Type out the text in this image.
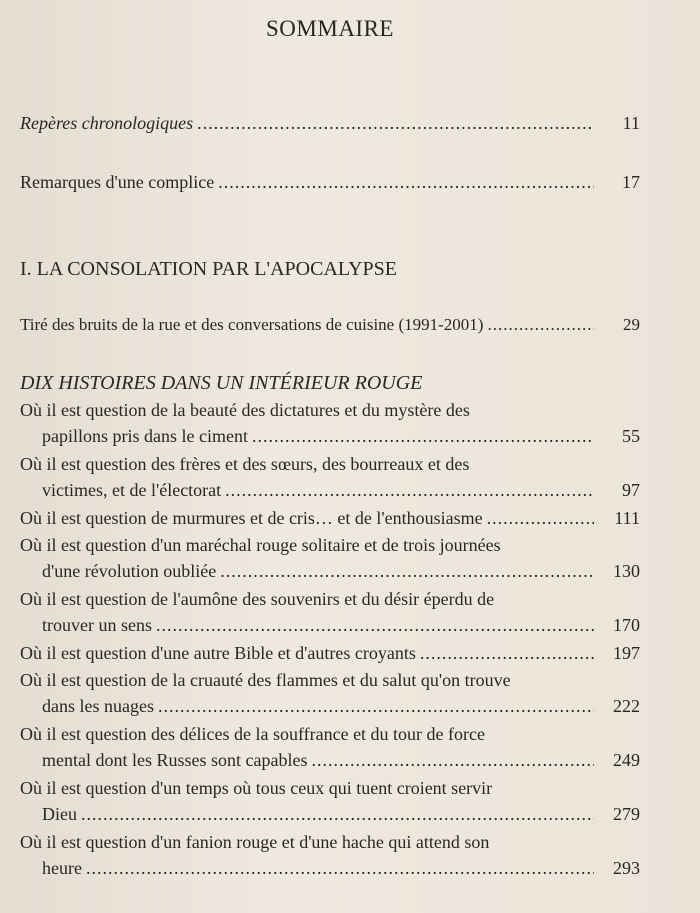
SOMMAIRE
Repères chronologiques .....	11
Remarques d'une complice .....	17
I. LA CONSOLATION PAR L'APOCALYPSE
Tiré des bruits de la rue et des conversations de cuisine (1991-2001) .....	29
DIX HISTOIRES DANS UN INTÉRIEUR ROUGE
Où il est question de la beauté des dictatures et du mystère des
papillons pris dans le ciment .....	55
Où il est question des frères et des sœurs, des bourreaux et des
victimes, et de l'électorat .....	97
Où il est question de murmures et de cris… et de l'enthousiasme .....	111
Où il est question d'un maréchal rouge solitaire et de trois journées
d'une révolution oubliée .....	130
Où il est question de l'aumône des souvenirs et du désir éperdu de
trouver un sens .....	170
Où il est question d'une autre Bible et d'autres croyants .....	197
Où il est question de la cruauté des flammes et du salut qu'on trouve
dans les nuages .....	222
Où il est question des délices de la souffrance et du tour de force
mental dont les Russes sont capables .....	249
Où il est question d'un temps où tous ceux qui tuent croient servir
Dieu .....	279
Où il est question d'un fanion rouge et d'une hache qui attend son
heure .....	293
